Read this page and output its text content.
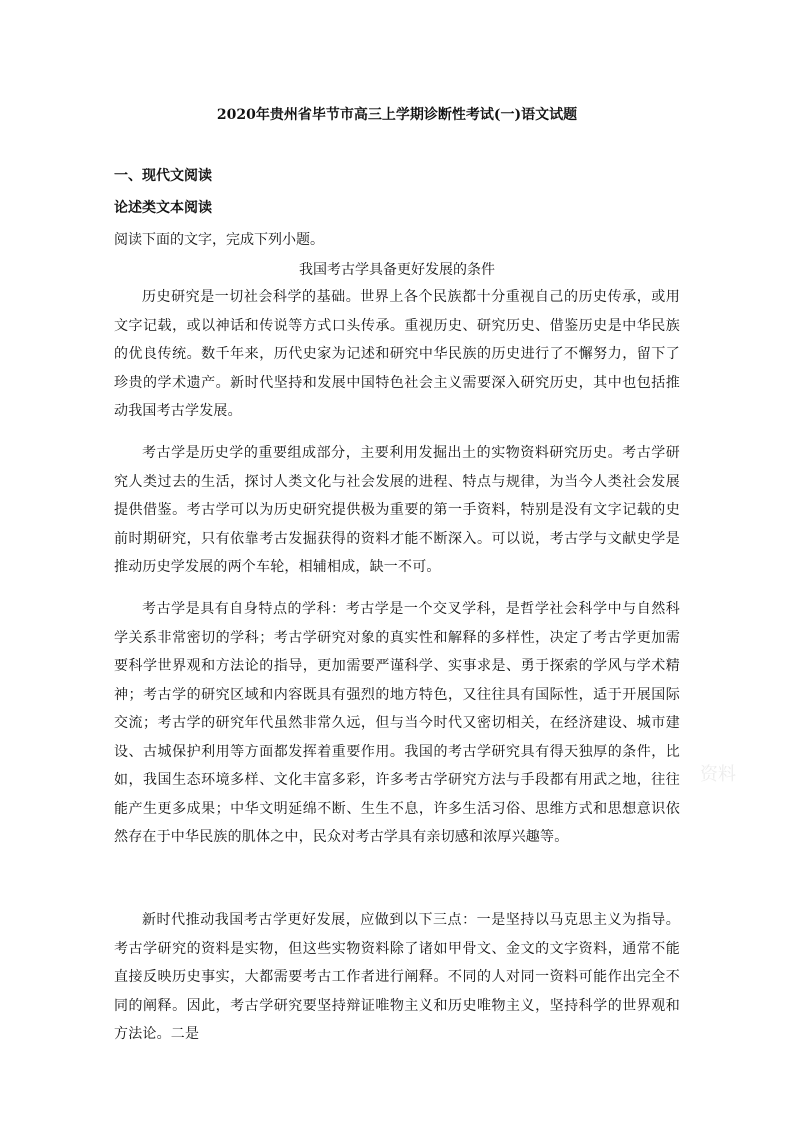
2020年贵州省毕节市高三上学期诊断性考试(一)语文试题
一、现代文阅读
论述类文本阅读
阅读下面的文字，完成下列小题。
我国考古学具备更好发展的条件

历史研究是一切社会科学的基础。世界上各个民族都十分重视自己的历史传承，或用文字记载，或以神话和传说等方式口头传承。重视历史、研究历史、借鉴历史是中华民族的优良传统。数千年来，历代史家为记述和研究中华民族的历史进行了不懈努力，留下了珍贵的学术遗产。新时代坚持和发展中国特色社会主义需要深入研究历史，其中也包括推动我国考古学发展。

考古学是历史学的重要组成部分，主要利用发掘出土的实物资料研究历史。考古学研究人类过去的生活，探讨人类文化与社会发展的进程、特点与规律，为当今人类社会发展提供借鉴。考古学可以为历史研究提供极为重要的第一手资料，特别是没有文字记载的史前时期研究，只有依靠考古发掘获得的资料才能不断深入。可以说，考古学与文献史学是推动历史学发展的两个车轮，相辅相成，缺一不可。

考古学是具有自身特点的学科：考古学是一个交叉学科，是哲学社会科学中与自然科学关系非常密切的学科；考古学研究对象的真实性和解释的多样性，决定了考古学更加需要科学世界观和方法论的指导，更加需要严谨科学、实事求是、勇于探索的学风与学术精神；考古学的研究区域和内容既具有强烈的地方特色，又往往具有国际性，适于开展国际交流；考古学的研究年代虽然非常久远，但与当今时代又密切相关，在经济建设、城市建设、古城保护利用等方面都发挥着重要作用。我国的考古学研究具有得天独厚的条件，比如，我国生态环境多样、文化丰富多彩，许多考古学研究方法与手段都有用武之地，往往能产生更多成果；中华文明延绵不断、生生不息，许多生活习俗、思维方式和思想意识依然存在于中华民族的肌体之中，民众对考古学具有亲切感和浓厚兴趣等。

新时代推动我国考古学更好发展，应做到以下三点：一是坚持以马克思主义为指导。考古学研究的资料是实物，但这些实物资料除了诸如甲骨文、金文的文字资料，通常不能直接反映历史事实，大都需要考古工作者进行阐释。不同的人对同一资料可能作出完全不同的阐释。因此，考古学研究要坚持辩证唯物主义和历史唯物主义，坚持科学的世界观和方法论。二是

资料
